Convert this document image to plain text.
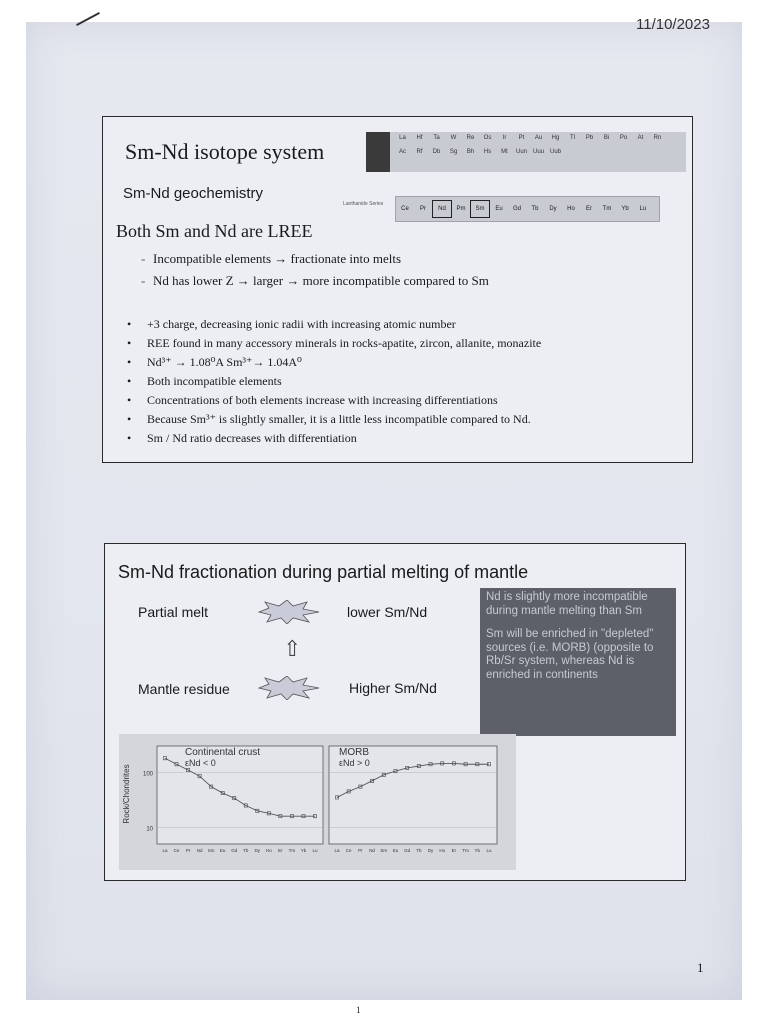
11/10/2023
Sm-Nd isotope system
Sm-Nd geochemistry
Both Sm and Nd are LREE
- Incompatible elements → fractionate into melts
- Nd has lower Z → larger → more incompatible compared to Sm
• +3 charge, decreasing ionic radii with increasing atomic number
• REE found in many accessory minerals in rocks-apatite, zircon, allanite, monazite
• Nd³⁺ → 1.08⁰A Sm³⁺→ 1.04A⁰
• Both incompatible elements
• Concentrations of both elements increase with increasing differentiations
• Because Sm³⁺ is slightly smaller, it is a little less incompatible compared to Nd.
• Sm / Nd ratio decreases with differentiation
La Hf Ta W Re Os Ir Pt Au Hg Tl Pb Bi Po At Rn
Ac Rf Db Sg Bh Hs Mt Uun Uuu Uub
Lanthanide Series
Ce Pr Nd Pm Sm Eu Gd Tb Dy Ho Er Tm Yb Lu
Sm-Nd fractionation during partial melting of mantle
Partial melt	lower Sm/Nd
⇧
Mantle residue	Higher Sm/Nd

Nd is slightly more incompatible during mantle melting than Sm

Sm will be enriched in "depleted" sources (i.e. MORB) (opposite to Rb/Sr system, whereas Nd is enriched in continents

Rock/Chondrites
10
100
Continental crust
εNd < 0
La Ce Pr Nd Sm Eu Gd Tb Dy Ho Er Tm Yb Lu
MORB
εNd > 0
La Ce Pr Nd Sm Eu Gd Tb Dy Ho Er Tm Yb Lu
1
1
